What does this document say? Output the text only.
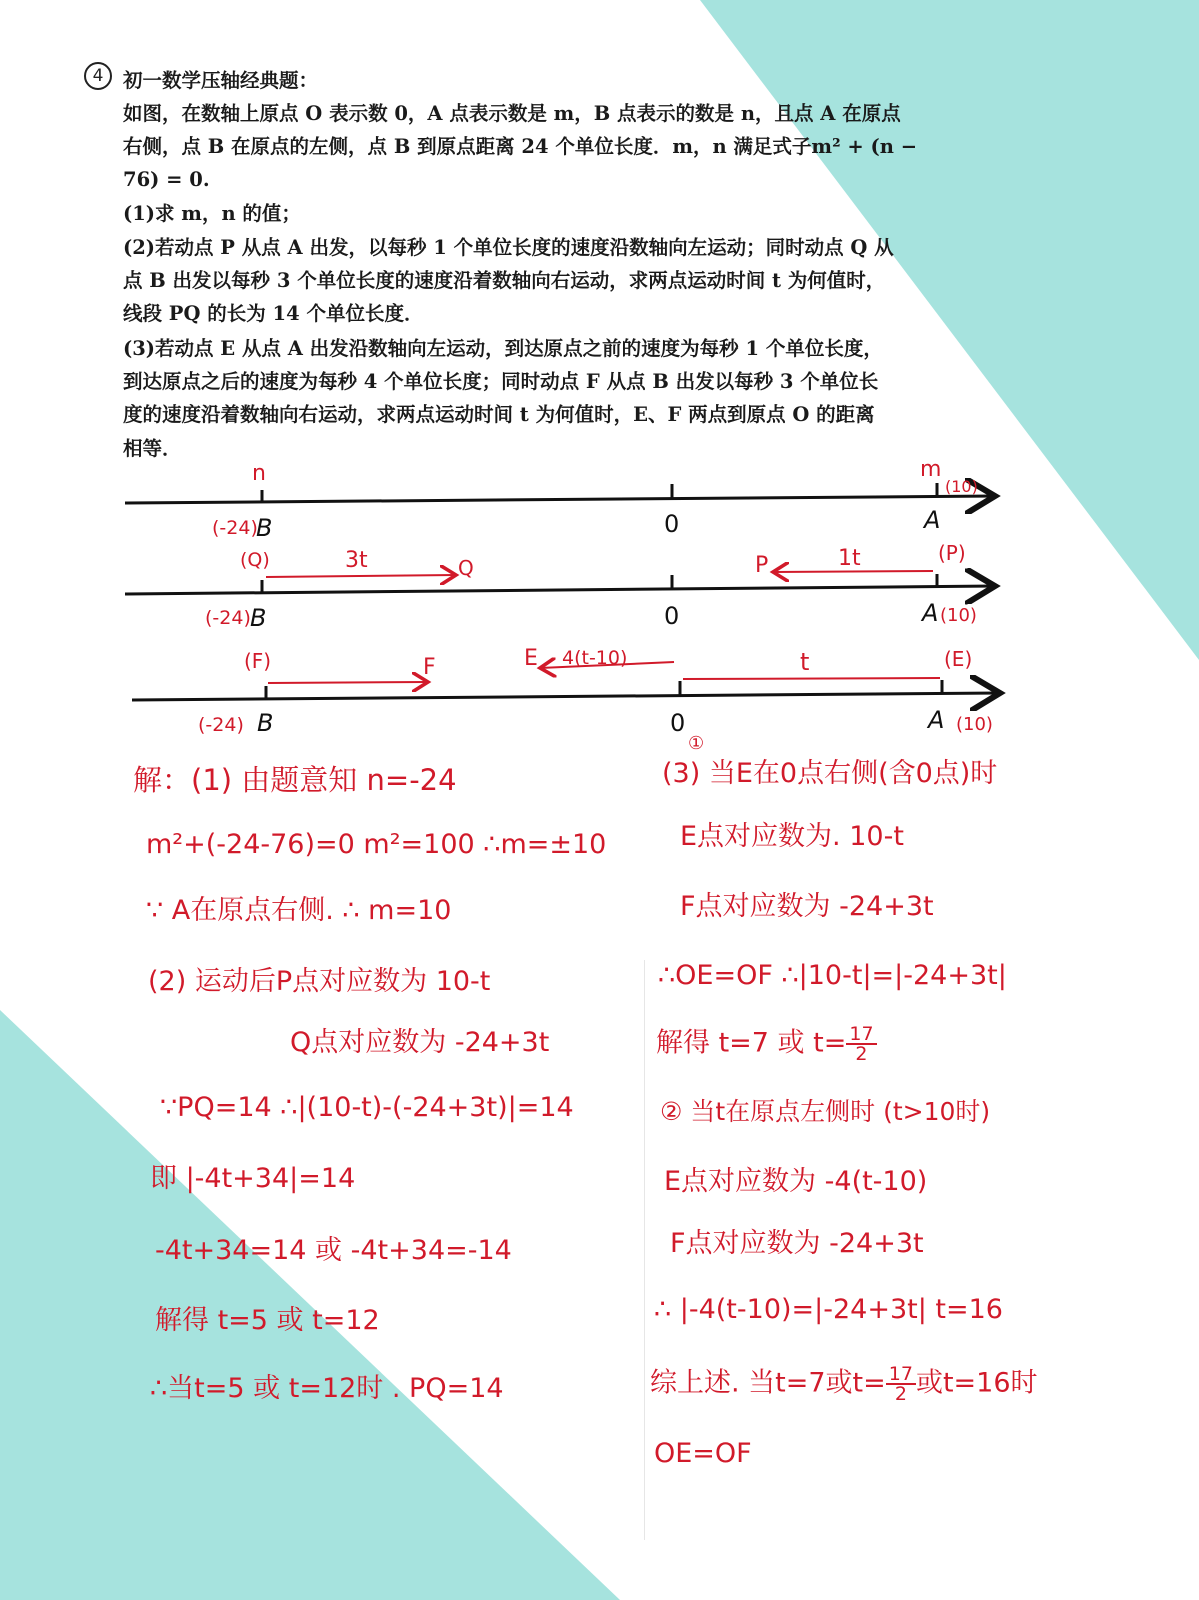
4	初一数学压轴经典题：

如图，在数轴上原点 O 表示数 0，A 点表示数是 m，B 点表示的数是 n，且点 A 在原点

右侧，点 B 在原点的左侧，点 B 到原点距离 24 个单位长度．m，n 满足式子m² + (n −

76) = 0.

(1)求 m，n 的值；

(2)若动点 P 从点 A 出发，以每秒 1 个单位长度的速度沿数轴向左运动；同时动点 Q 从

点 B 出发以每秒 3 个单位长度的速度沿着数轴向右运动，求两点运动时间 t 为何值时，

线段 PQ 的长为 14 个单位长度．

(3)若动点 E 从点 A 出发沿数轴向左运动，到达原点之前的速度为每秒 1 个单位长度，

到达原点之后的速度为每秒 4 个单位长度；同时动点 F 从点 B 出发以每秒 3 个单位长

度的速度沿着数轴向右运动，求两点运动时间 t 为何值时，E、F 两点到原点 O 的距离

相等．

n	m
(10)
(-24)
B	0	A
(Q)	3t	Q	P	1t	(P)
(-24) B	0	A (10)
(F)	F	E 4(t-10)	t	(E)
(-24) B	0	A (10)
解：(1) 由题意知 n=-24
m²+(-24-76)=0 m²=100 ∴m=±10
∵ A在原点右侧. ∴ m=10
(2) 运动后P点对应数为 10-t
Q点对应数为 -24+3t
∵PQ=14 ∴|(10-t)-(-24+3t)|=14
即 |-4t+34|=14
-4t+34=14 或 -4t+34=-14
解得 t=5 或 t=12
∴当t=5 或 t=12时 . PQ=14
①
(3) 当E在0点右侧(含0点)时
E点对应数为. 10-t
F点对应数为 -24+3t
∴OE=OF ∴|10-t|=|-24+3t|
解得 t=7 或 $t= \frac{17}{2}$
② 当t在原点左侧时 (t>10时)
E点对应数为 -4(t-10)
F点对应数为 -24+3t
∴ |-4(t-10)=|-24+3t| t=16
综上述. 当t=7或$t= \frac{17}{2}$ 或t=16时
OE=OF
